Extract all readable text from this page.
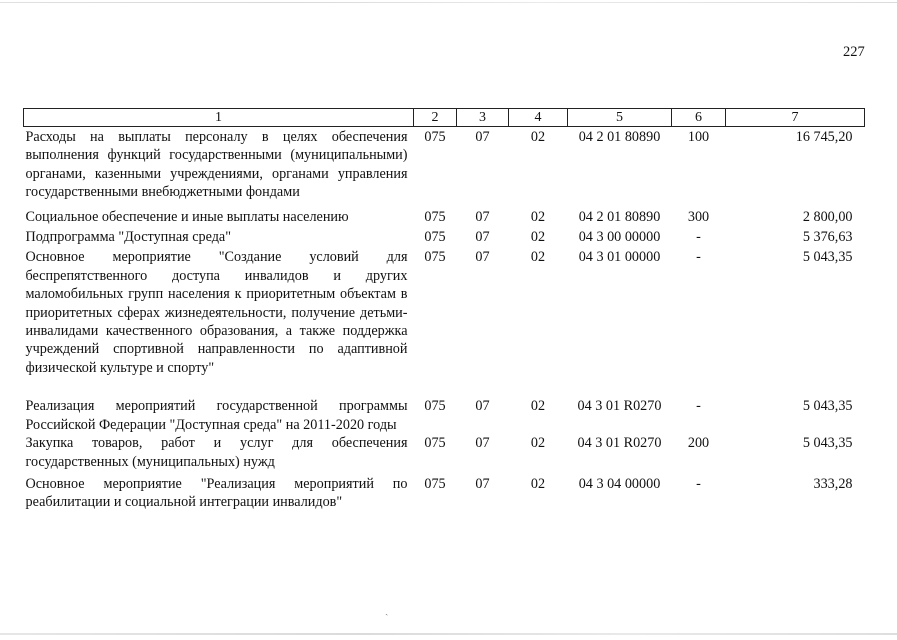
227
1	2	3	4	5	6	7
Расходы на выплаты персоналу в целях обеспечения выполнения функций государственными (муниципальными) органами, казенными учреждениями, органами управления государственными внебюджетными фондами	075	07	02	04 2 01 80890	100	16 745,20
Социальное обеспечение и иные выплаты населению	075	07	02	04 2 01 80890	300	2 800,00
Подпрограмма "Доступная среда"	075	07	02	04 3 00 00000	-	5 376,63
Основное мероприятие "Создание условий для беспрепятственного доступа инвалидов и других маломобильных групп населения к приоритетным объектам в приоритетных сферах жизнедеятельности, получение детьми-инвалидами качественного образования, а также поддержка учреждений спортивной направленности по адаптивной физической культуре и спорту"	075	07	02	04 3 01 00000	-	5 043,35
Реализация мероприятий государственной программы Российской Федерации "Доступная среда" на 2011-2020 годы	075	07	02	04 3 01 R0270	-	5 043,35
Закупка товаров, работ и услуг для обеспечения государственных (муниципальных) нужд	075	07	02	04 3 01 R0270	200	5 043,35
Основное мероприятие "Реализация мероприятий по реабилитации и социальной интеграции инвалидов"	075	07	02	04 3 04 00000	-	333,28
ˎ
